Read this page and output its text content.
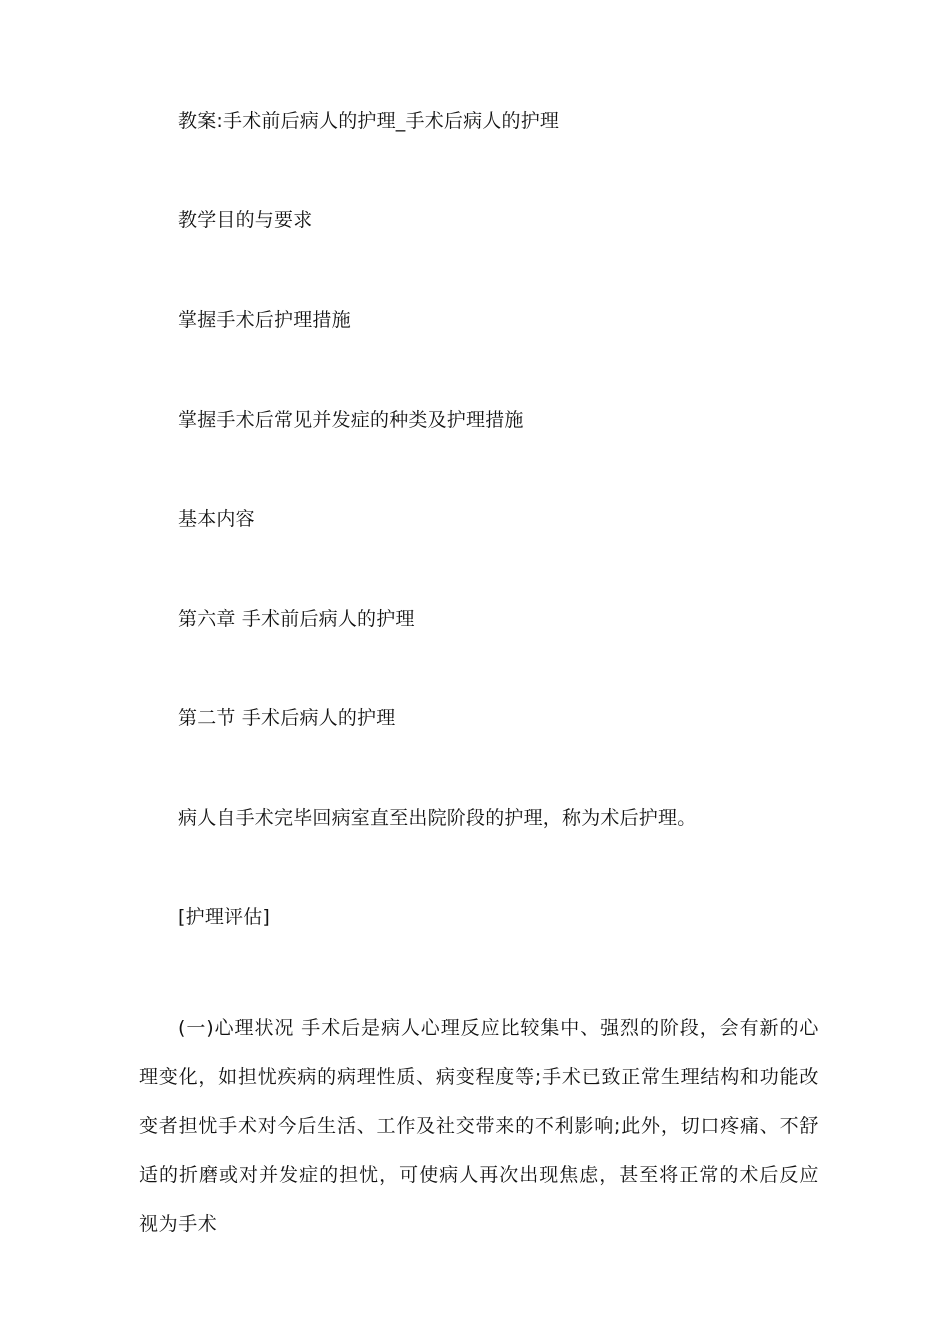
教案:手术前后病人的护理_手术后病人的护理
教学目的与要求
掌握手术后护理措施
掌握手术后常见并发症的种类及护理措施
基本内容
第六章 手术前后病人的护理
第二节 手术后病人的护理
病人自手术完毕回病室直至出院阶段的护理，称为术后护理。
[护理评估]
(一)心理状况 手术后是病人心理反应比较集中、强烈的阶段，会有新的心理变化，如担忧疾病的病理性质、病变程度等;手术已致正常生理结构和功能改变者担忧手术对今后生活、工作及社交带来的不利影响;此外，切口疼痛、不舒适的折磨或对并发症的担忧，可使病人再次出现焦虑，甚至将正常的术后反应视为手术
